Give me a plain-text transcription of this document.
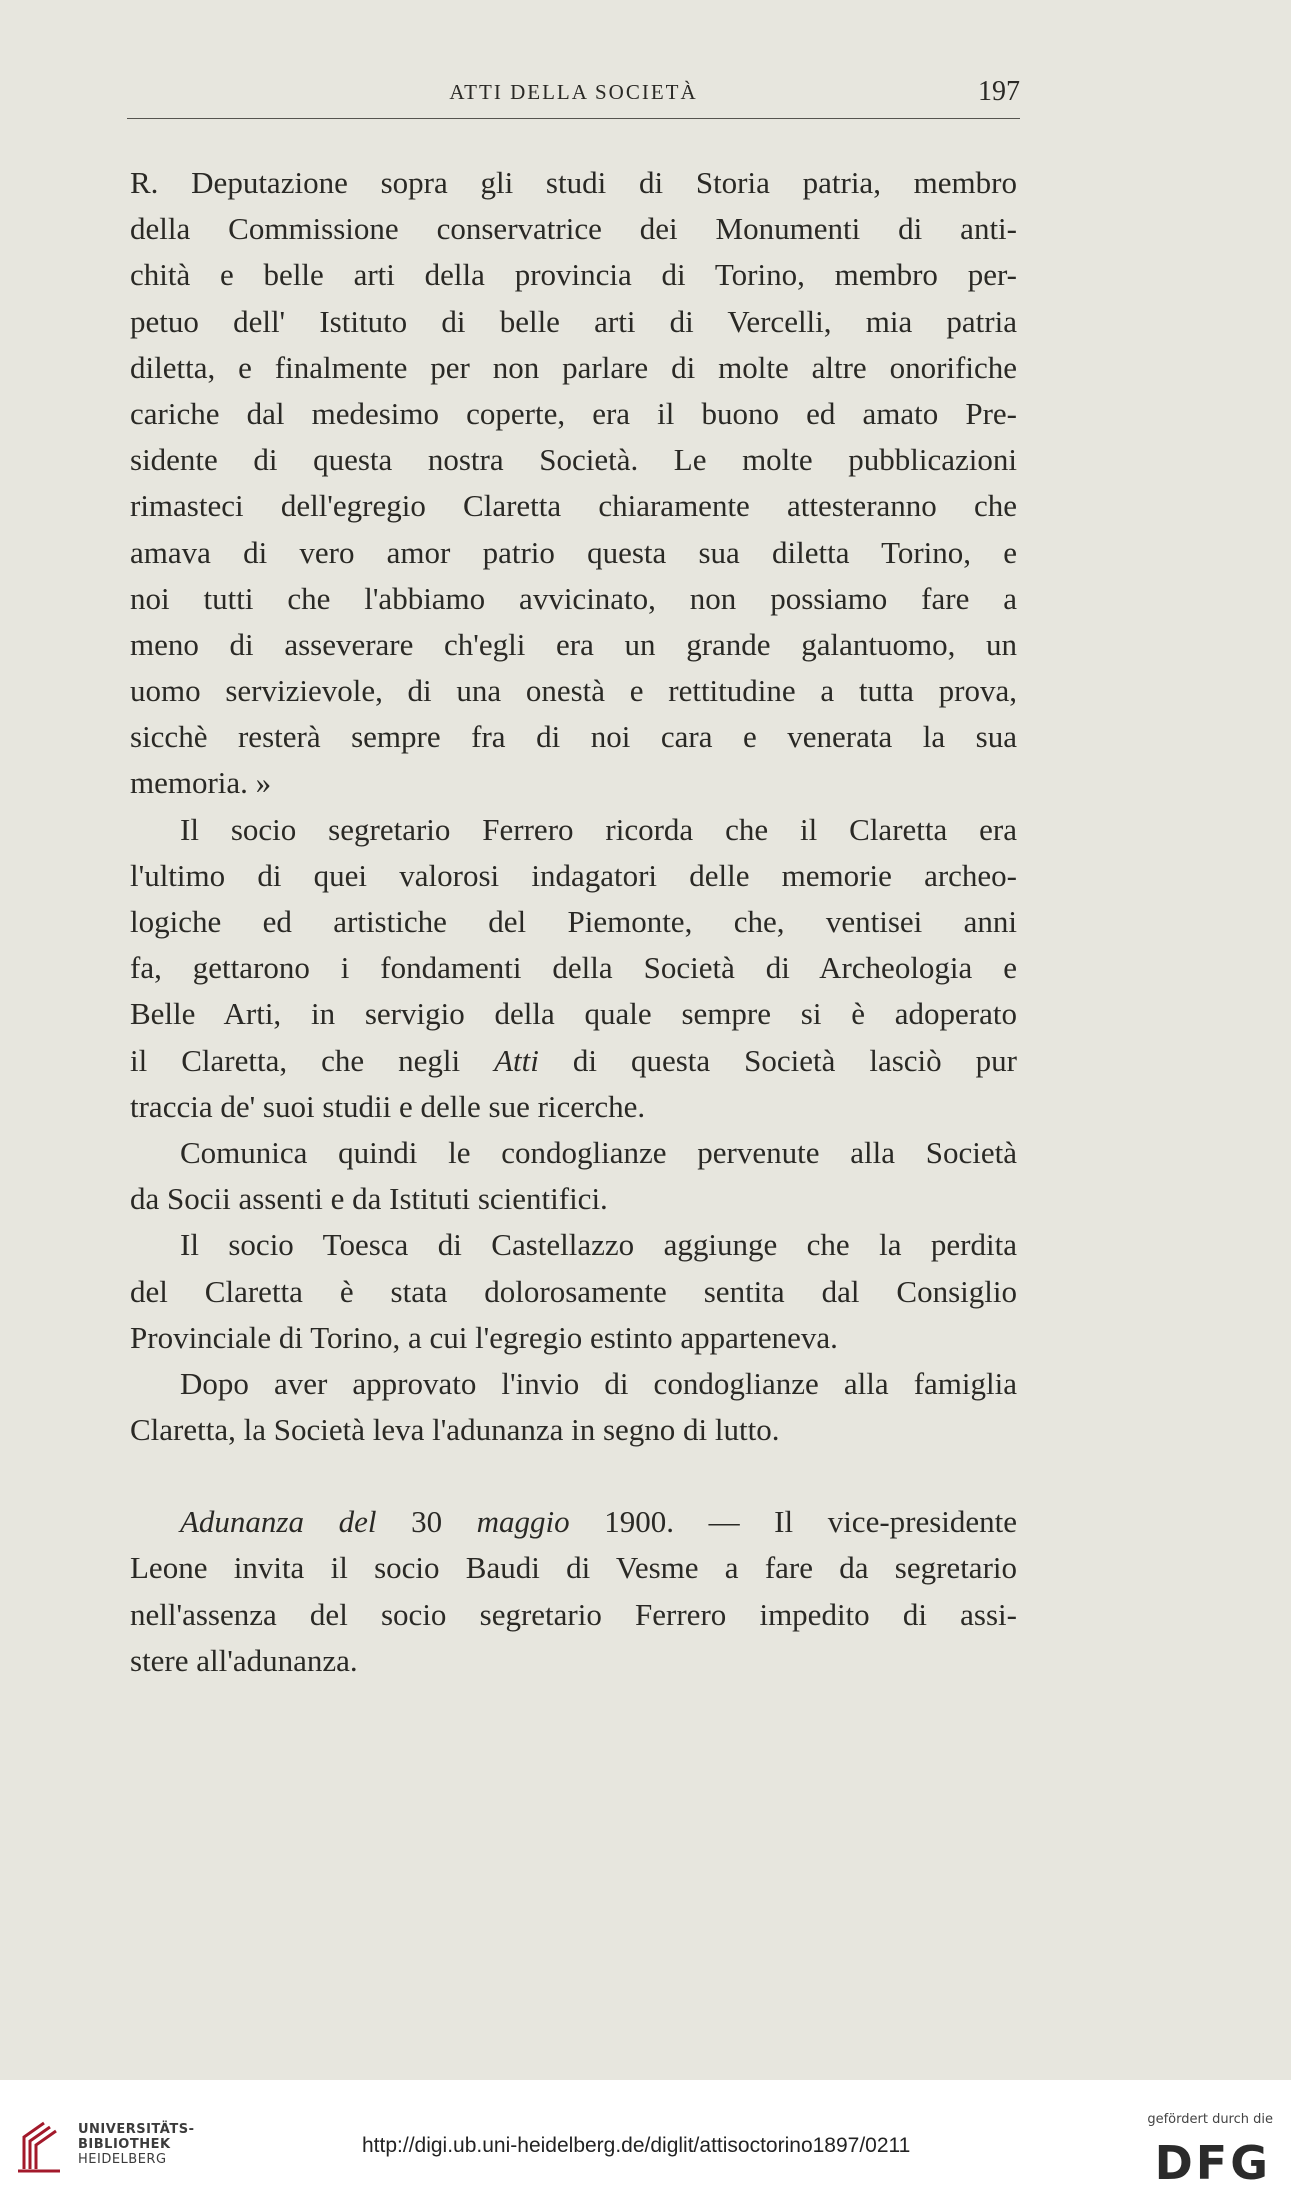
ATTI DELLA SOCIETÀ	197
R. Deputazione sopra gli studi di Storia patria, membro
della Commissione conservatrice dei Monumenti di anti-
chità e belle arti della provincia di Torino, membro per-
petuo dell' Istituto di belle arti di Vercelli, mia patria
diletta, e finalmente per non parlare di molte altre onorifiche
cariche dal medesimo coperte, era il buono ed amato Pre-
sidente di questa nostra Società. Le molte pubblicazioni
rimasteci dell'egregio Claretta chiaramente attesteranno che
amava di vero amor patrio questa sua diletta Torino, e
noi tutti che l'abbiamo avvicinato, non possiamo fare a
meno di asseverare ch'egli era un grande galantuomo, un
uomo servizievole, di una onestà e rettitudine a tutta prova,
sicchè resterà sempre fra di noi cara e venerata la sua
memoria. »
Il socio segretario Ferrero ricorda che il Claretta era
l'ultimo di quei valorosi indagatori delle memorie archeo-
logiche ed artistiche del Piemonte, che, ventisei anni
fa, gettarono i fondamenti della Società di Archeologia e
Belle Arti, in servigio della quale sempre si è adoperato
il Claretta, che negli Atti di questa Società lasciò pur
traccia de' suoi studii e delle sue ricerche.
Comunica quindi le condoglianze pervenute alla Società
da Socii assenti e da Istituti scientifici.
Il socio Toesca di Castellazzo aggiunge che la perdita
del Claretta è stata dolorosamente sentita dal Consiglio
Provinciale di Torino, a cui l'egregio estinto apparteneva.
Dopo aver approvato l'invio di condoglianze alla famiglia
Claretta, la Società leva l'adunanza in segno di lutto.
Adunanza del 30 maggio 1900. — Il vice-presidente
Leone invita il socio Baudi di Vesme a fare da segretario
nell'assenza del socio segretario Ferrero impedito di assi-
stere all'adunanza.
UNIVERSITÄTS-
BIBLIOTHEK
HEIDELBERG
http://digi.ub.uni-heidelberg.de/diglit/attisoctorino1897/0211
gefördert durch die
DFG
